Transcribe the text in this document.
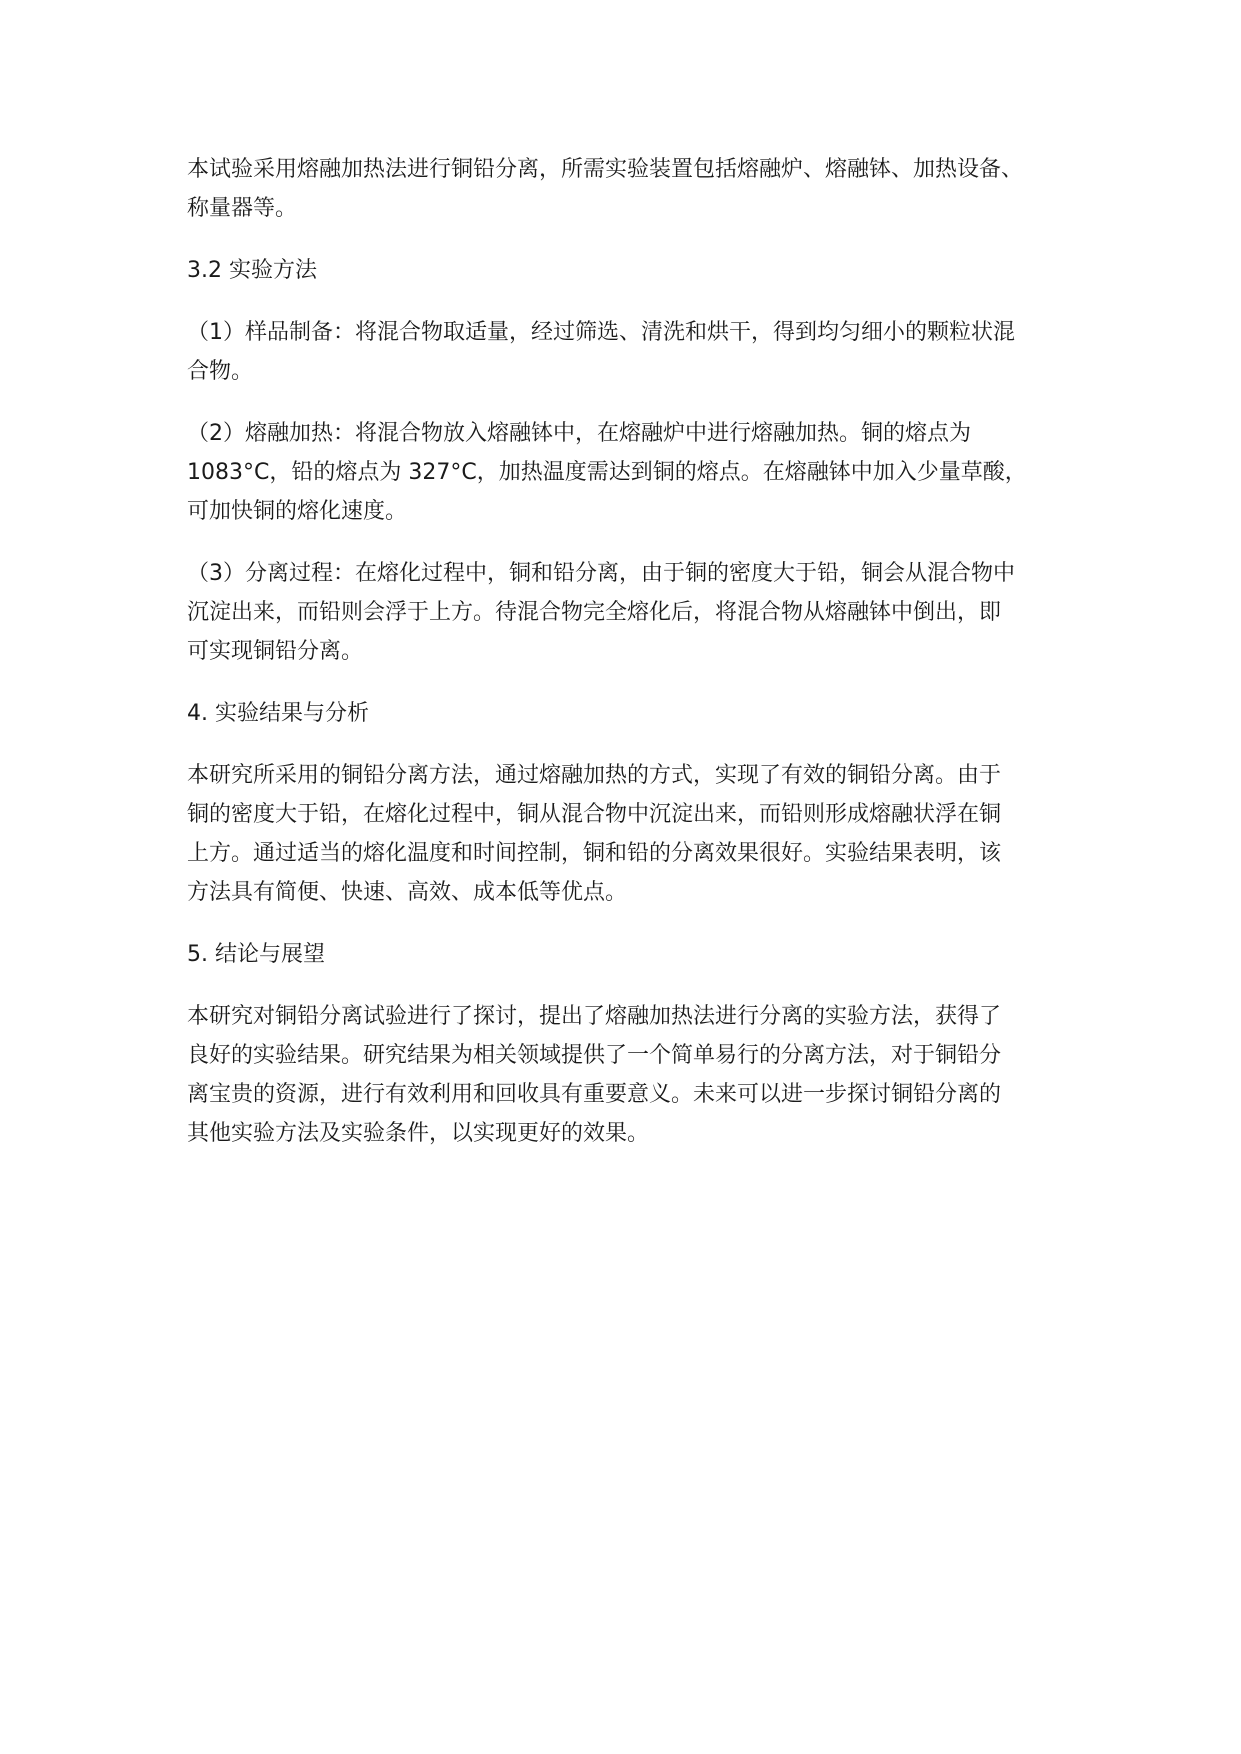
本试验采用熔融加热法进行铜铅分离，所需实验装置包括熔融炉、熔融钵、加热设备、
称量器等。

3.2 实验方法

（1）样品制备：将混合物取适量，经过筛选、清洗和烘干，得到均匀细小的颗粒状混
合物。

（2）熔融加热：将混合物放入熔融钵中，在熔融炉中进行熔融加热。铜的熔点为
1083°C，铅的熔点为 327°C，加热温度需达到铜的熔点。在熔融钵中加入少量草酸，
可加快铜的熔化速度。

（3）分离过程：在熔化过程中，铜和铅分离，由于铜的密度大于铅，铜会从混合物中
沉淀出来，而铅则会浮于上方。待混合物完全熔化后，将混合物从熔融钵中倒出，即
可实现铜铅分离。

4. 实验结果与分析

本研究所采用的铜铅分离方法，通过熔融加热的方式，实现了有效的铜铅分离。由于
铜的密度大于铅，在熔化过程中，铜从混合物中沉淀出来，而铅则形成熔融状浮在铜
上方。通过适当的熔化温度和时间控制，铜和铅的分离效果很好。实验结果表明，该
方法具有简便、快速、高效、成本低等优点。

5. 结论与展望

本研究对铜铅分离试验进行了探讨，提出了熔融加热法进行分离的实验方法，获得了
良好的实验结果。研究结果为相关领域提供了一个简单易行的分离方法，对于铜铅分
离宝贵的资源，进行有效利用和回收具有重要意义。未来可以进一步探讨铜铅分离的
其他实验方法及实验条件，以实现更好的效果。
